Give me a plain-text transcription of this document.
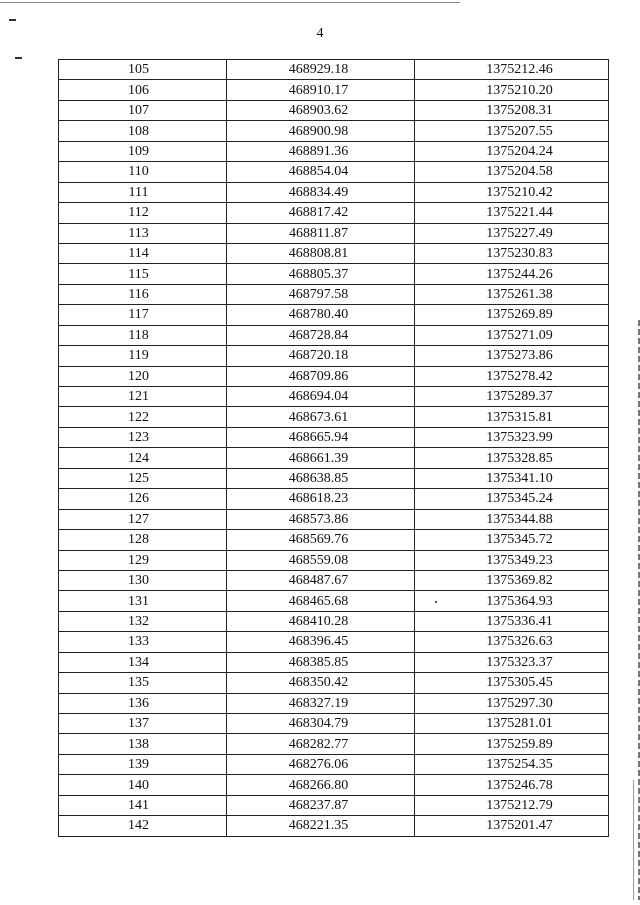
4
105	468929.18	1375212.46
106	468910.17	1375210.20
107	468903.62	1375208.31
108	468900.98	1375207.55
109	468891.36	1375204.24
110	468854.04	1375204.58
111	468834.49	1375210.42
112	468817.42	1375221.44
113	468811.87	1375227.49
114	468808.81	1375230.83
115	468805.37	1375244.26
116	468797.58	1375261.38
117	468780.40	1375269.89
118	468728.84	1375271.09
119	468720.18	1375273.86
120	468709.86	1375278.42
121	468694.04	1375289.37
122	468673.61	1375315.81
123	468665.94	1375323.99
124	468661.39	1375328.85
125	468638.85	1375341.10
126	468618.23	1375345.24
127	468573.86	1375344.88
128	468569.76	1375345.72
129	468559.08	1375349.23
130	468487.67	1375369.82
131	468465.68	1375364.93
132	468410.28	1375336.41
133	468396.45	1375326.63
134	468385.85	1375323.37
135	468350.42	1375305.45
136	468327.19	1375297.30
137	468304.79	1375281.01
138	468282.77	1375259.89
139	468276.06	1375254.35
140	468266.80	1375246.78
141	468237.87	1375212.79
142	468221.35	1375201.47
